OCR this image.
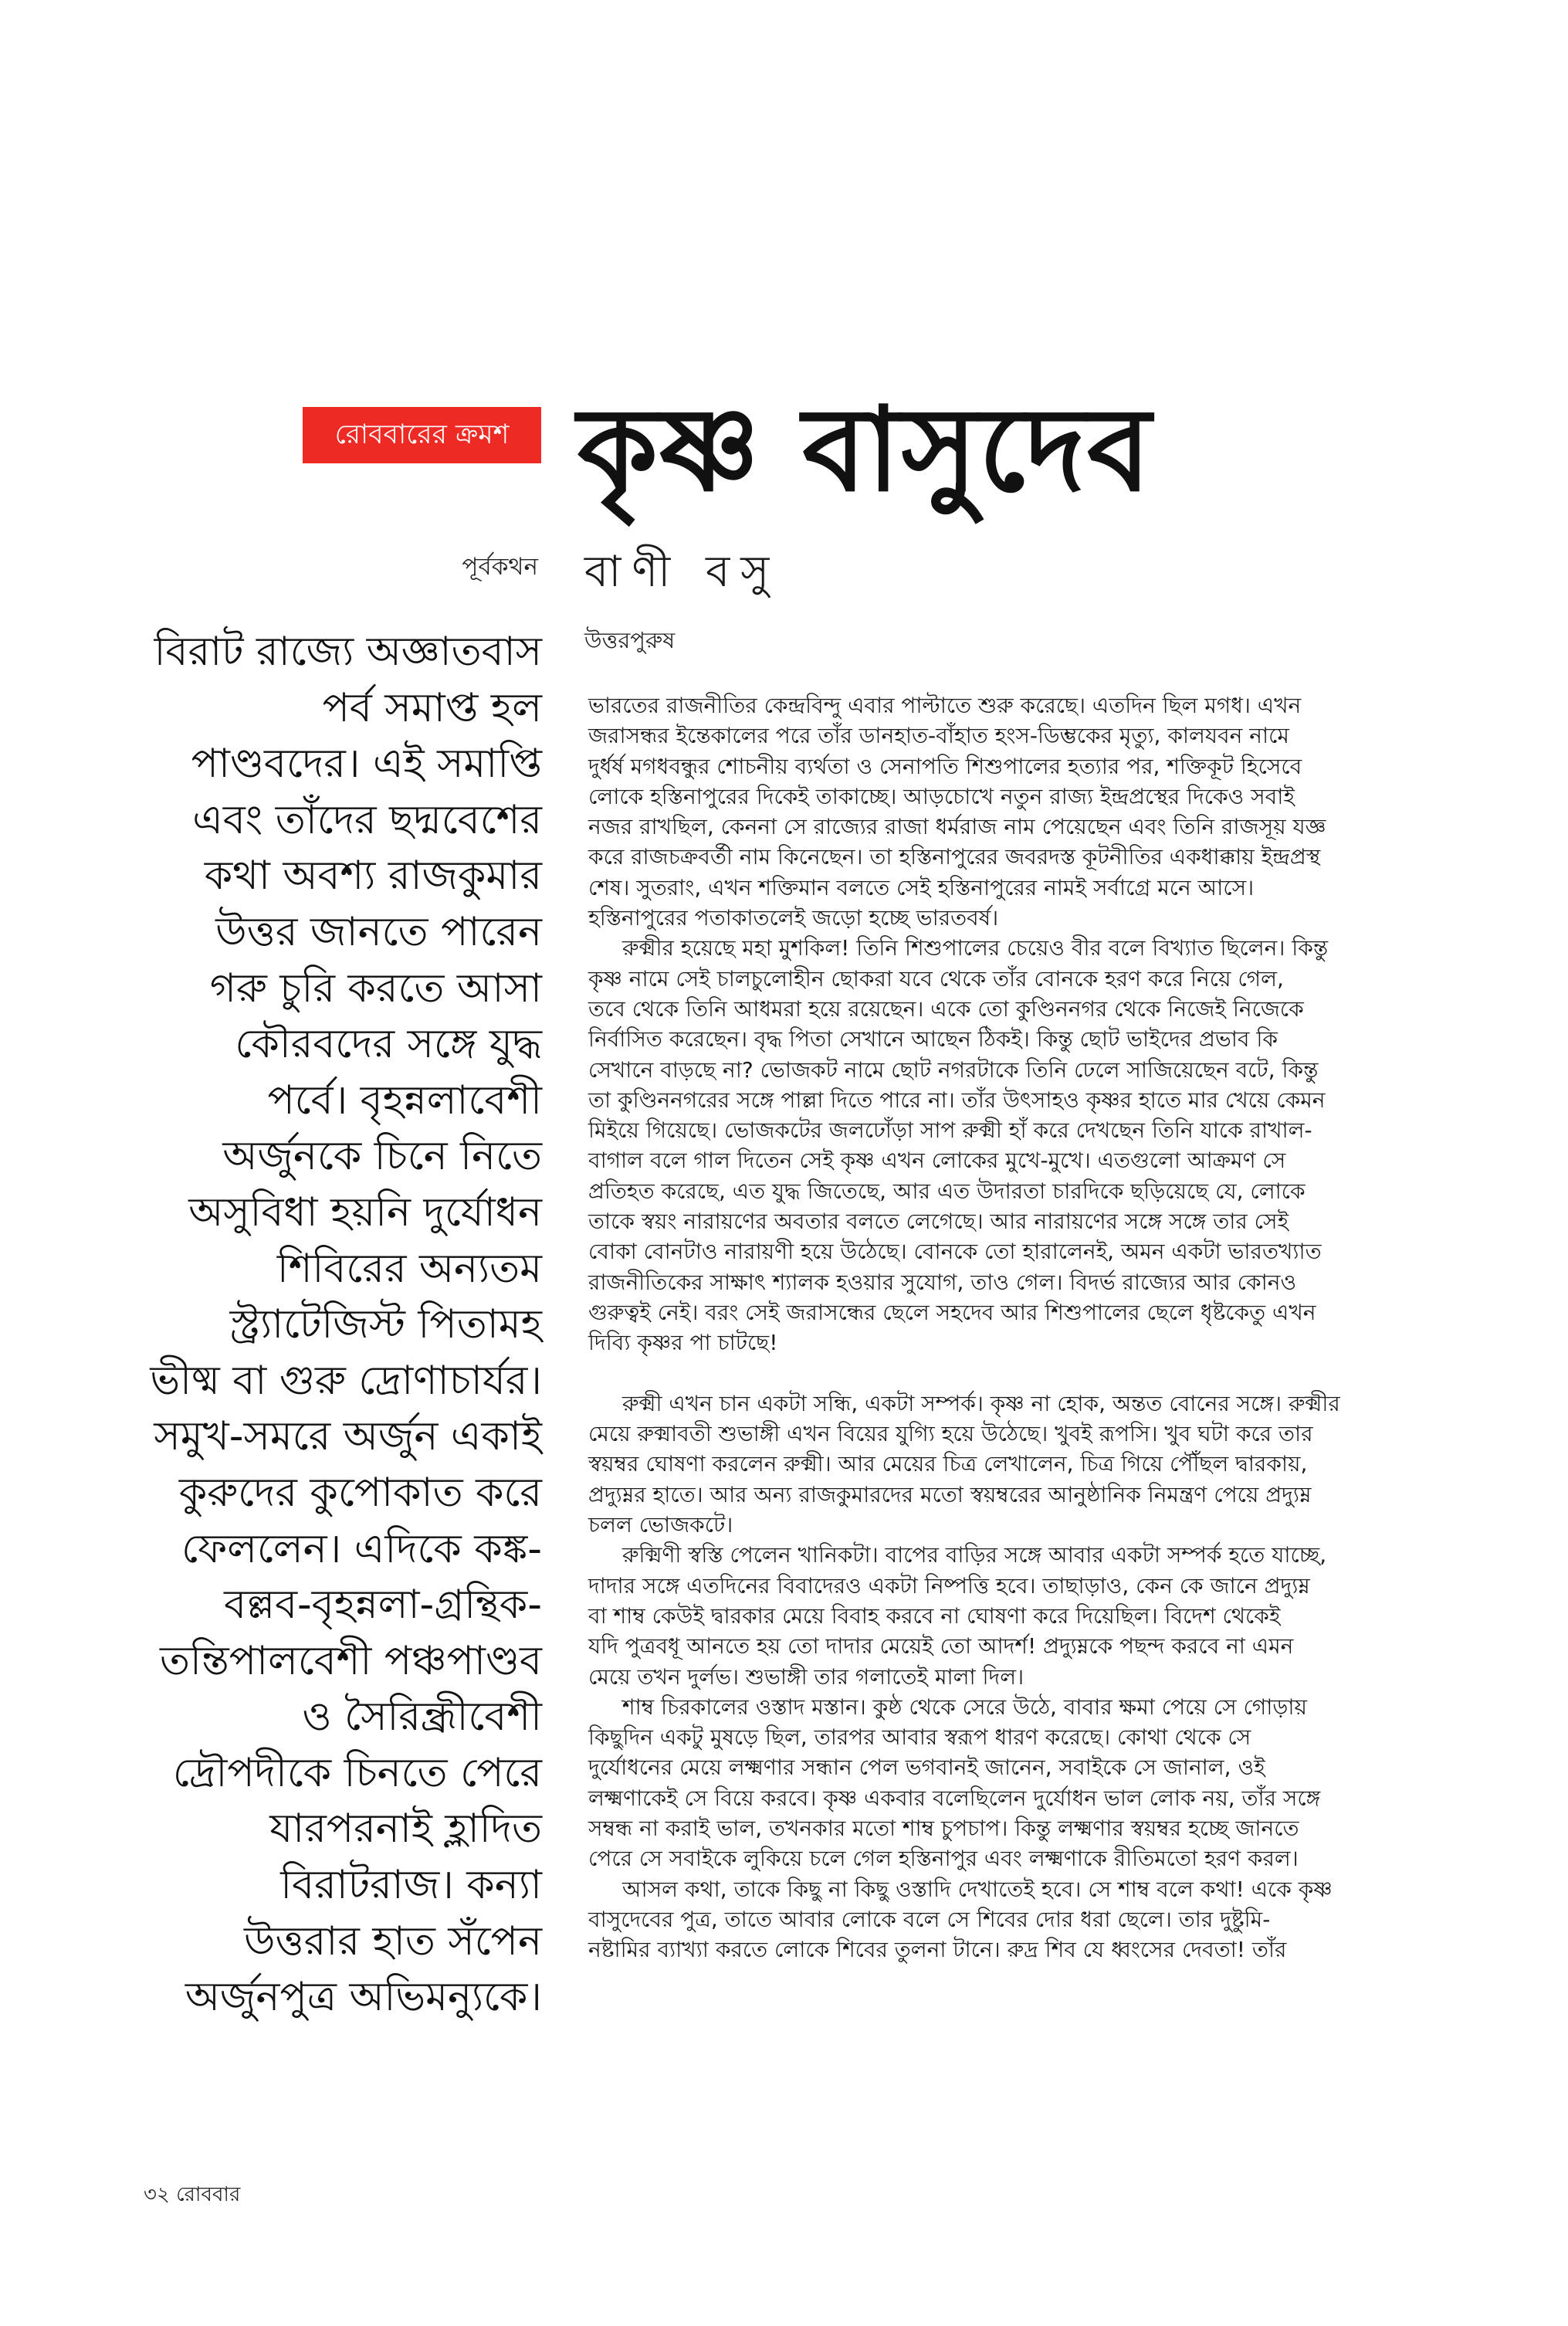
রোববারের ক্রমশ কৃষ্ণ বাসুদেব
পূর্বকথন বাণী বসু
উত্তরপুরুষ
বিরাট রাজ্যে অজ্ঞাতবাস
পর্ব সমাপ্ত হল
পাণ্ডবদের। এই সমাপ্তি
এবং তাঁদের ছদ্মবেশের
কথা অবশ্য রাজকুমার
উত্তর জানতে পারেন
গরু চুরি করতে আসা
কৌরবদের সঙ্গে যুদ্ধ
পর্বে। বৃহন্নলাবেশী
অর্জুনকে চিনে নিতে
অসুবিধা হয়নি দুর্যোধন
শিবিরের অন্যতম
স্ট্র্যাটেজিস্ট পিতামহ
ভীষ্ম বা গুরু দ্রোণাচার্যর।
সমুখ-সমরে অর্জুন একাই
কুরুদের কুপোকাত করে
ফেললেন। এদিকে কঙ্ক-
বল্লব-বৃহন্নলা-গ্রন্থিক-
তন্তিপালবেশী পঞ্চপাণ্ডব
ও সৈরিন্ধ্রীবেশী
দ্রৌপদীকে চিনতে পেরে
যারপরনাই হ্লাদিত
বিরাটরাজ। কন্যা
উত্তরার হাত সঁপেন
অর্জুনপুত্র অভিমন্যুকে।
ভারতের রাজনীতির কেন্দ্রবিন্দু এবার পাল্টাতে শুরু করেছে। এতদিন ছিল মগধ। এখন
জরাসন্ধর ইন্তেকালের পরে তাঁর ডানহাত-বাঁহাত হংস-ডিম্ভকের মৃত্যু, কালযবন নামে
দুর্ধর্ষ মগধবন্ধুর শোচনীয় ব্যর্থতা ও সেনাপতি শিশুপালের হত্যার পর, শক্তিকূট হিসেবে
লোকে হস্তিনাপুরের দিকেই তাকাচ্ছে। আড়চোখে নতুন রাজ্য ইন্দ্রপ্রস্থের দিকেও সবাই
নজর রাখছিল, কেননা সে রাজ্যের রাজা ধর্মরাজ নাম পেয়েছেন এবং তিনি রাজসূয় যজ্ঞ
করে রাজচক্রবর্তী নাম কিনেছেন। তা হস্তিনাপুরের জবরদস্ত কূটনীতির একধাক্কায় ইন্দ্রপ্রস্থ
শেষ। সুতরাং, এখন শক্তিমান বলতে সেই হস্তিনাপুরের নামই সর্বাগ্রে মনে আসে।
হস্তিনাপুরের পতাকাতলেই জড়ো হচ্ছে ভারতবর্ষ।
রুক্মীর হয়েছে মহা মুশকিল! তিনি শিশুপালের চেয়েও বীর বলে বিখ্যাত ছিলেন। কিন্তু
কৃষ্ণ নামে সেই চালচুলোহীন ছোকরা যবে থেকে তাঁর বোনকে হরণ করে নিয়ে গেল,
তবে থেকে তিনি আধমরা হয়ে রয়েছেন। একে তো কুণ্ডিননগর থেকে নিজেই নিজেকে
নির্বাসিত করেছেন। বৃদ্ধ পিতা সেখানে আছেন ঠিকই। কিন্তু ছোট ভাইদের প্রভাব কি
সেখানে বাড়ছে না? ভোজকট নামে ছোট নগরটাকে তিনি ঢেলে সাজিয়েছেন বটে, কিন্তু
তা কুণ্ডিননগরের সঙ্গে পাল্লা দিতে পারে না। তাঁর উৎসাহও কৃষ্ণর হাতে মার খেয়ে কেমন
মিইয়ে গিয়েছে। ভোজকটের জলঢোঁড়া সাপ রুক্মী হাঁ করে দেখছেন তিনি যাকে রাখাল-
বাগাল বলে গাল দিতেন সেই কৃষ্ণ এখন লোকের মুখে-মুখে। এতগুলো আক্রমণ সে
প্রতিহত করেছে, এত যুদ্ধ জিতেছে, আর এত উদারতা চারদিকে ছড়িয়েছে যে, লোকে
তাকে স্বয়ং নারায়ণের অবতার বলতে লেগেছে। আর নারায়ণের সঙ্গে সঙ্গে তার সেই
বোকা বোনটাও নারায়ণী হয়ে উঠেছে। বোনকে তো হারালেনই, অমন একটা ভারতখ্যাত
রাজনীতিকের সাক্ষাৎ শ্যালক হওয়ার সুযোগ, তাও গেল। বিদর্ভ রাজ্যের আর কোনও
গুরুত্বই নেই। বরং সেই জরাসন্ধের ছেলে সহদেব আর শিশুপালের ছেলে ধৃষ্টকেতু এখন
দিব্যি কৃষ্ণর পা চাটছে!
রুক্মী এখন চান একটা সন্ধি, একটা সম্পর্ক। কৃষ্ণ না হোক, অন্তত বোনের সঙ্গে। রুক্মীর
মেয়ে রুক্মাবতী শুভাঙ্গী এখন বিয়ের যুগ্যি হয়ে উঠেছে। খুবই রূপসি। খুব ঘটা করে তার
স্বয়ম্বর ঘোষণা করলেন রুক্মী। আর মেয়ের চিত্র লেখালেন, চিত্র গিয়ে পৌঁছল দ্বারকায়,
প্রদ্যুম্নর হাতে। আর অন্য রাজকুমারদের মতো স্বয়ম্বরের আনুষ্ঠানিক নিমন্ত্রণ পেয়ে প্রদ্যুম্ন
চলল ভোজকটে।
রুক্মিণী স্বস্তি পেলেন খানিকটা। বাপের বাড়ির সঙ্গে আবার একটা সম্পর্ক হতে যাচ্ছে,
দাদার সঙ্গে এতদিনের বিবাদেরও একটা নিষ্পত্তি হবে। তাছাড়াও, কেন কে জানে প্রদ্যুম্ন
বা শাম্ব কেউই দ্বারকার মেয়ে বিবাহ করবে না ঘোষণা করে দিয়েছিল। বিদেশ থেকেই
যদি পুত্রবধূ আনতে হয় তো দাদার মেয়েই তো আদর্শ! প্রদ্যুম্নকে পছন্দ করবে না এমন
মেয়ে তখন দুর্লভ। শুভাঙ্গী তার গলাতেই মালা দিল।
শাম্ব চিরকালের ওস্তাদ মস্তান। কুষ্ঠ থেকে সেরে উঠে, বাবার ক্ষমা পেয়ে সে গোড়ায়
কিছুদিন একটু মুষড়ে ছিল, তারপর আবার স্বরূপ ধারণ করেছে। কোথা থেকে সে
দুর্যোধনের মেয়ে লক্ষ্মণার সন্ধান পেল ভগবানই জানেন, সবাইকে সে জানাল, ওই
লক্ষ্মণাকেই সে বিয়ে করবে। কৃষ্ণ একবার বলেছিলেন দুর্যোধন ভাল লোক নয়, তাঁর সঙ্গে
সম্বন্ধ না করাই ভাল, তখনকার মতো শাম্ব চুপচাপ। কিন্তু লক্ষ্মণার স্বয়ম্বর হচ্ছে জানতে
পেরে সে সবাইকে লুকিয়ে চলে গেল হস্তিনাপুর এবং লক্ষ্মণাকে রীতিমতো হরণ করল।
আসল কথা, তাকে কিছু না কিছু ওস্তাদি দেখাতেই হবে। সে শাম্ব বলে কথা! একে কৃষ্ণ
বাসুদেবের পুত্র, তাতে আবার লোকে বলে সে শিবের দোর ধরা ছেলে। তার দুষ্টুমি-
নষ্টামির ব্যাখ্যা করতে লোকে শিবের তুলনা টানে। রুদ্র শিব যে ধ্বংসের দেবতা! তাঁর
৩২ রোববার
